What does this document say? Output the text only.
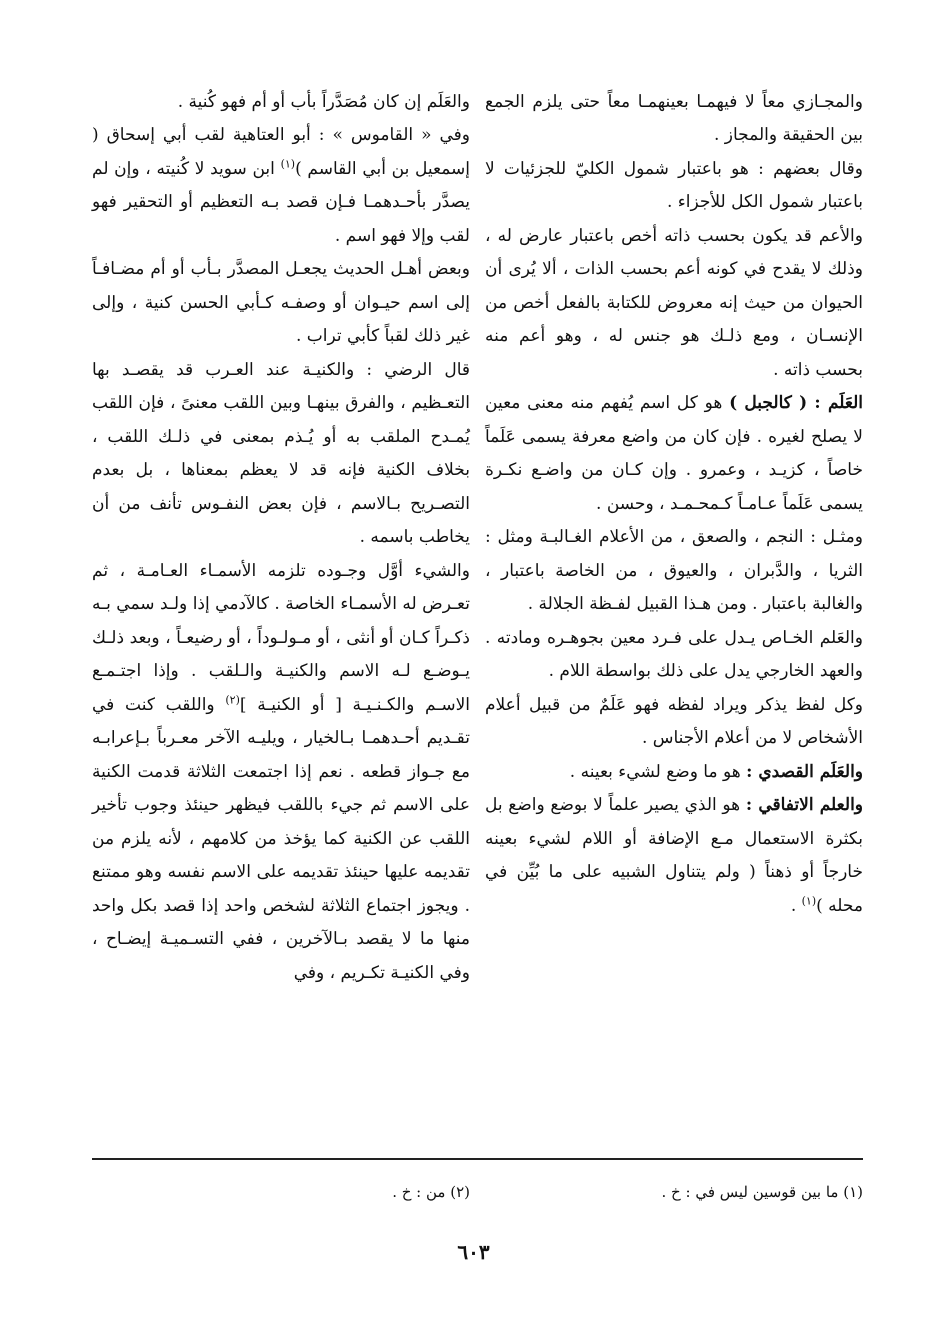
والمجـازي معاً لا فيهمـا بعينهمـا معاً حتى يلزم الجمع بين الحقيقة والمجاز .

وقال بعضهم : هو باعتبار شمول الكليّ للجزئيات لا باعتبار شمول الكل للأجزاء .

والأعم قد يكون بحسب ذاته أخص باعتبار عارض له ، وذلك لا يقدح في كونه أعم بحسب الذات ، ألا يُرى أن الحيوان من حيث إنه معروض للكتابة بالفعل أخص من الإنسـان ، ومع ذلـك هو جنس له ، وهو أعم منه بحسب ذاته .

العَلَم : ( كالجبل ) هو كل اسم يُفهم منه معنى معين لا يصلح لغيره . فإن كان من واضع معرفة يسمى عَلَماً خاصاً ، كزيـد ، وعمرو . وإن كـان من واضـع نكـرة يسمى عَلَماً عـامـاً كـمحـمـد ، وحسن .

ومثـل : النجم ، والصعق ، من الأعلام الغـالبـة ومثل : الثريا ، والدَّبران ، والعيوق ، من الخاصة باعتبار ، والغالبة باعتبار . ومن هـذا القبيل لفـظة الجلالة .

والعَلم الخـاص يـدل على فـرد معين بجوهـره ومادته . والعهد الخارجي يدل على ذلك بواسطة اللام .

وكل لفظ يذكر ويراد لفظه فهو عَلَمٌ من قبيل أعلام الأشخاص لا من أعلام الأجناس .

والعَلَم القصدي : هو ما وضع لشيء بعينه .

والعلم الاتفاقي : هو الذي يصير علماً لا بوضع واضع بل بكثرة الاستعمال مـع الإضافة أو اللام لشيء بعينه خارجاً أو ذهناً ( ولم يتناول الشبيه على ما بُيِّن في محله )$^{(١)}$ .

والعَلَم إن كان مُصَدَّراً بأب أو أم فهو كُنية .

وفي « القاموس » : أبو العتاهية لقب أبي إسحاق ( إسمعيل بن أبي القاسم )$^{(١)}$ ابن سويد لا كُنيته ، وإن لم يصدَّر بأحـدهمـا فـإن قصد بـه التعظيم أو التحقير فهو لقب وإلا فهو اسم .

وبعض أهـل الحديث يجعـل المصدَّر بـأب أو أم مضـافـاً إلى اسم حيـوان أو وصفـه كـأبي الحسن كنية ، وإلى غير ذلك لقباً كأبي تراب .

قال الرضي : والكنيـة عند العـرب قد يقصـد بها التعـظيم ، والفرق بينهـا وبين اللقب معنىً ، فإن اللقب يُمـدح الملقب به أو يُـذم بمعنى في ذلـك اللقب ، بخلاف الكنية فإنه قد لا يعظم بمعناها ، بل بعدم التصـريح بـالاسم ، فإن بعض النفـوس تأنف من أن يخاطب باسمه .

والشيء أوَّل وجـوده تلزمه الأسمـاء العـامـة ، ثم تعـرض له الأسمـاء الخاصة . كالآدمي إذا ولـد سمي بـه ذكـراً كـان أو أنثى ، أو مـولـوداً ، أو رضيعـاً ، وبعد ذلـك يـوضـع لـه الاسم والكنيـة والـلقب . وإذا اجتـمـع الاسـم والكـنـيـة [ أو الكنيـة ]$^{(٢)}$ واللقب كنت في تقـديم أحـدهمـا بـالخيار ، ويليـه الآخر معـرباً بـإعرابـه مع جـواز قطعه . نعم إذا اجتمعت الثلاثة قدمت الكنية على الاسم ثم جيء باللقب فيظهر حينئذ وجوب تأخير اللقب عن الكنية كما يؤخذ من كلامهم ، لأنه يلزم من تقديمه عليها حينئذ تقديمه على الاسم نفسه وهو ممتنع . ويجوز اجتماع الثلاثة لشخص واحد إذا قصد بكل واحد منها ما لا يقصد بـالآخرين ، ففي التسـميـة إيضـاح ، وفي الكنيـة تكـريم ، وفي

(١) ما بين قوسين ليس في : خ .
(٢) من : خ .
٦٠٣
